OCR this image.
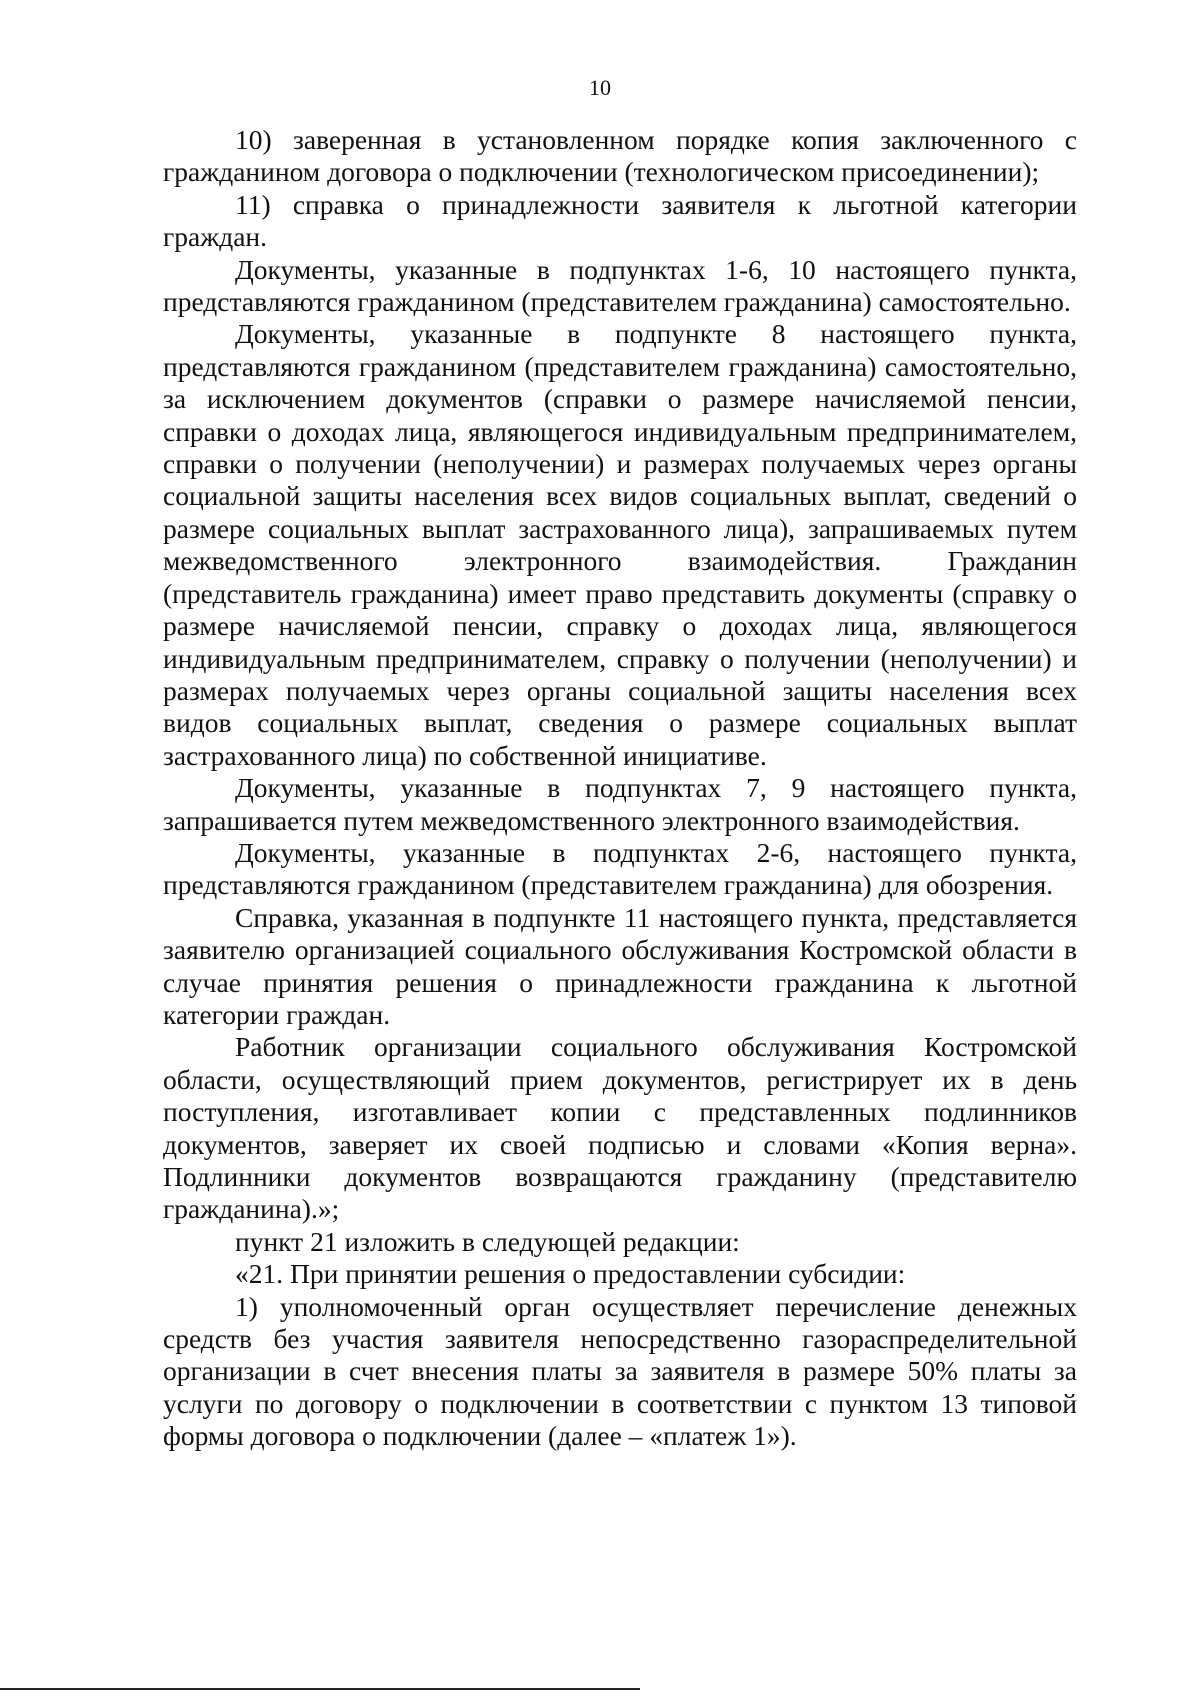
10

10) заверенная в установленном порядке копия заключенного с гражданином договора о подключении (технологическом присоединении);

11) справка о принадлежности заявителя к льготной категории граждан.

Документы, указанные в подпунктах 1-6, 10 настоящего пункта, представляются гражданином (представителем гражданина) самостоятельно.

Документы, указанные в подпункте 8 настоящего пункта, представляются гражданином (представителем гражданина) самостоятельно, за исключением документов (справки о размере начисляемой пенсии, справки о доходах лица, являющегося индивидуальным предпринимателем, справки о получении (неполучении) и размерах получаемых через органы социальной защиты населения всех видов социальных выплат, сведений о размере социальных выплат застрахованного лица), запрашиваемых путем межведомственного электронного взаимодействия. Гражданин (представитель гражданина) имеет право представить документы (справку о размере начисляемой пенсии, справку о доходах лица, являющегося индивидуальным предпринимателем, справку о получении (неполучении) и размерах получаемых через органы социальной защиты населения всех видов социальных выплат, сведения о размере социальных выплат застрахованного лица) по собственной инициативе.

Документы, указанные в подпунктах 7, 9 настоящего пункта, запрашивается путем межведомственного электронного взаимодействия.

Документы, указанные в подпунктах 2-6, настоящего пункта, представляются гражданином (представителем гражданина) для обозрения.

Справка, указанная в подпункте 11 настоящего пункта, представляется заявителю организацией социального обслуживания Костромской области в случае принятия решения о принадлежности гражданина к льготной категории граждан.

Работник организации социального обслуживания Костромской области, осуществляющий прием документов, регистрирует их в день поступления, изготавливает копии с представленных подлинников документов, заверяет их своей подписью и словами «Копия верна». Подлинники документов возвращаются гражданину (представителю гражданина).»;

пункт 21 изложить в следующей редакции:

«21. При принятии решения о предоставлении субсидии:

1) уполномоченный орган осуществляет перечисление денежных средств без участия заявителя непосредственно газораспределительной организации в счет внесения платы за заявителя в размере 50% платы за услуги по договору о подключении в соответствии с пунктом 13 типовой формы договора о подключении (далее – «платеж 1»).
